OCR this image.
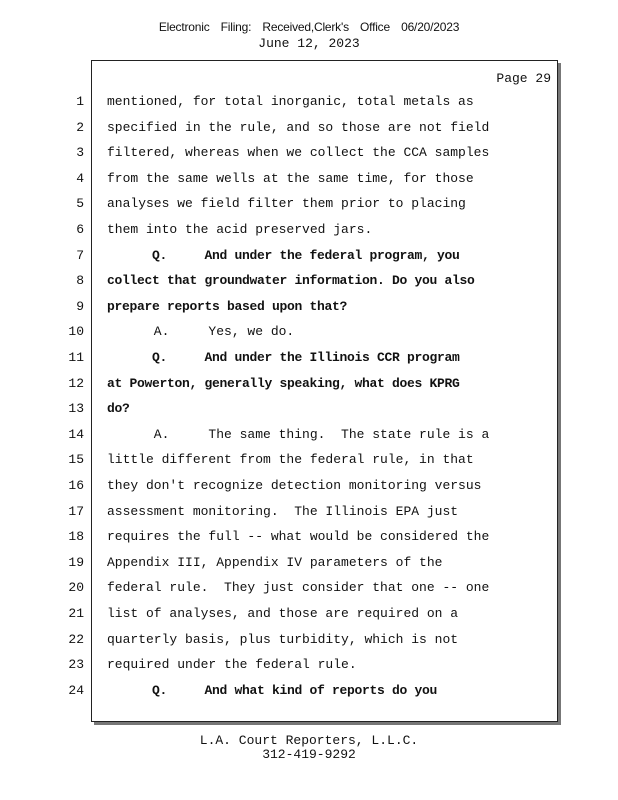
Electronic Filing: Received,Clerk's Office 06/20/2023
June 12, 2023
Page 29
1 mentioned, for total inorganic, total metals as
2 specified in the rule, and so those are not field
3 filtered, whereas when we collect the CCA samples
4 from the same wells at the same time, for those
5 analyses we field filter them prior to placing
6 them into the acid preserved jars.
7 Q.     And under the federal program, you
8 collect that groundwater information. Do you also
9 prepare reports based upon that?
10 A.     Yes, we do.
11 Q.     And under the Illinois CCR program
12 at Powerton, generally speaking, what does KPRG
13 do?
14 A.     The same thing.  The state rule is a
15 little different from the federal rule, in that
16 they don't recognize detection monitoring versus
17 assessment monitoring.  The Illinois EPA just
18 requires the full -- what would be considered the
19 Appendix III, Appendix IV parameters of the
20 federal rule.  They just consider that one -- one
21 list of analyses, and those are required on a
22 quarterly basis, plus turbidity, which is not
23 required under the federal rule.
24 Q.     And what kind of reports do you
L.A. Court Reporters, L.L.C.
312-419-9292
